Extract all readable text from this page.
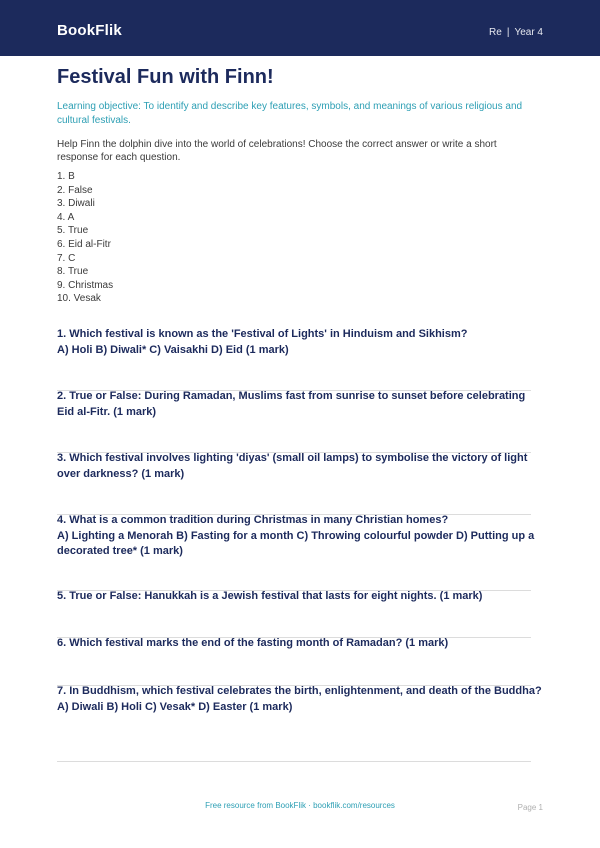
BookFlik	Re | Year 4
Festival Fun with Finn!

Learning objective: To identify and describe key features, symbols, and meanings of various religious and cultural festivals.

Help Finn the dolphin dive into the world of celebrations! Choose the correct answer or write a short response for each question.

1. B
2. False
3. Diwali
4. A
5. True
6. Eid al-Fitr
7. C
8. True
9. Christmas
10. Vesak
1. Which festival is known as the 'Festival of Lights' in Hinduism and Sikhism?
A) Holi B) Diwali* C) Vaisakhi D) Eid (1 mark)
2. True or False: During Ramadan, Muslims fast from sunrise to sunset before celebrating Eid al-Fitr. (1 mark)
3. Which festival involves lighting 'diyas' (small oil lamps) to symbolise the victory of light over darkness? (1 mark)
4. What is a common tradition during Christmas in many Christian homes?
A) Lighting a Menorah B) Fasting for a month C) Throwing colourful powder D) Putting up a decorated tree* (1 mark)
5. True or False: Hanukkah is a Jewish festival that lasts for eight nights. (1 mark)
6. Which festival marks the end of the fasting month of Ramadan? (1 mark)
7. In Buddhism, which festival celebrates the birth, enlightenment, and death of the Buddha?
A) Diwali B) Holi C) Vesak* D) Easter (1 mark)
Free resource from BookFlik · bookflik.com/resources	Page 1
